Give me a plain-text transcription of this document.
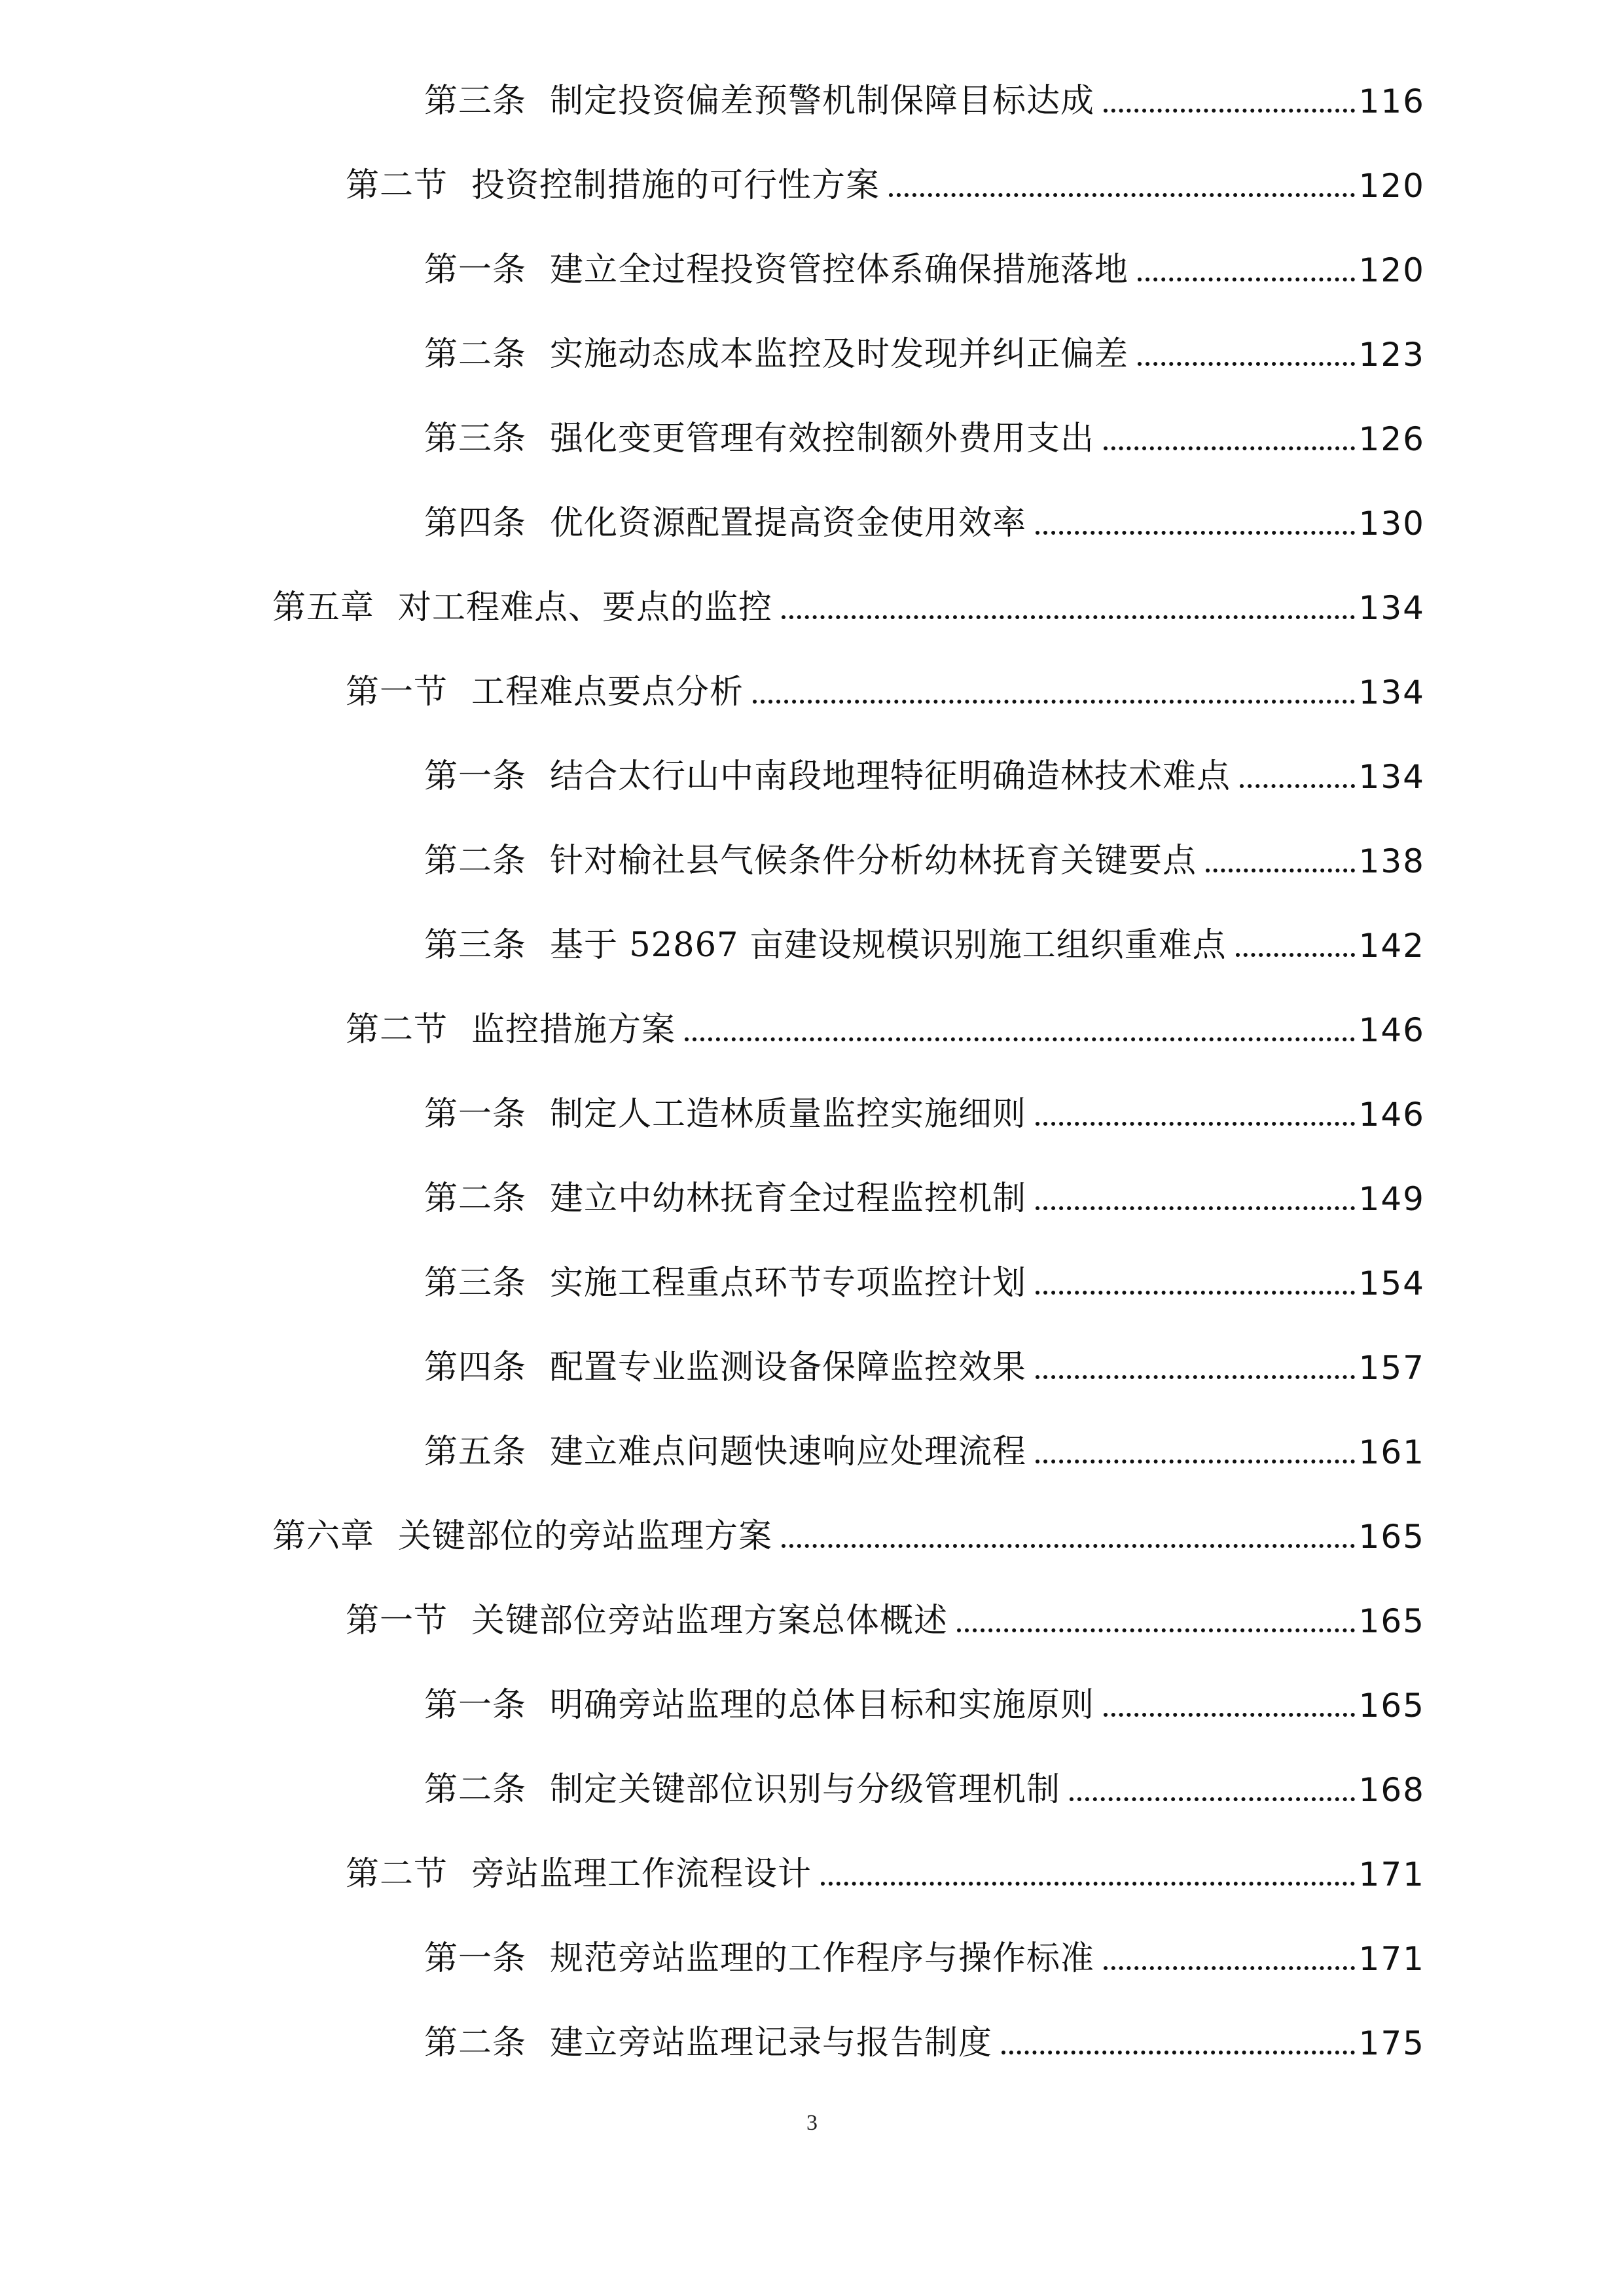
第三条 制定投资偏差预警机制保障目标达成	116
第二节 投资控制措施的可行性方案	120
第一条 建立全过程投资管控体系确保措施落地	120
第二条 实施动态成本监控及时发现并纠正偏差	123
第三条 强化变更管理有效控制额外费用支出	126
第四条 优化资源配置提高资金使用效率	130
第五章 对工程难点、要点的监控	134
第一节 工程难点要点分析	134
第一条 结合太行山中南段地理特征明确造林技术难点	134
第二条 针对榆社县气候条件分析幼林抚育关键要点	138
第三条 基于 52867 亩建设规模识别施工组织重难点	142
第二节 监控措施方案	146
第一条 制定人工造林质量监控实施细则	146
第二条 建立中幼林抚育全过程监控机制	149
第三条 实施工程重点环节专项监控计划	154
第四条 配置专业监测设备保障监控效果	157
第五条 建立难点问题快速响应处理流程	161
第六章 关键部位的旁站监理方案	165
第一节 关键部位旁站监理方案总体概述	165
第一条 明确旁站监理的总体目标和实施原则	165
第二条 制定关键部位识别与分级管理机制	168
第二节 旁站监理工作流程设计	171
第一条 规范旁站监理的工作程序与操作标准	171
第二条 建立旁站监理记录与报告制度	175
3
